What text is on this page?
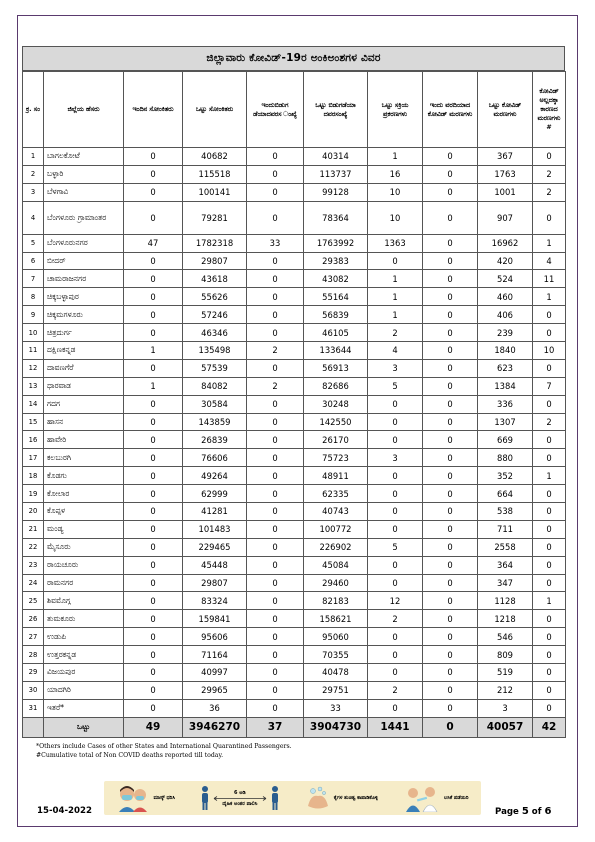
ಜಿಲ್ಲಾವಾರು ಕೋವಿಡ್-19ರ ಅಂಕಿಅಂಶಗಳ ವಿವರ
ಕ್ರ. ಸಂ	ಜಿಲ್ಲೆಯ ಹೆಸರು	ಇಂದಿನ ಸೋಂಕಿತರು	ಒಟ್ಟು ಸೋಂಕಿತರು	ಇಂದುಬಿಡುಗ ಡೆಯಾದವರಸ ಂಖ್ಯೆ	ಒಟ್ಟು ಬಿಡುಗಡೆಯಾ ದವರಸಂಖ್ಯೆ	ಒಟ್ಟು ಸಕ್ರಿಯ ಪ್ರಕರಣಗಳು	ಇಂದು ವರದಿಯಾದ ಕೋವಿಡ್ ಮರಣಗಳು	ಒಟ್ಟು ಕೋವಿಡ್ ಮರಣಗಳು	ಕೋವಿಡ್ ಅಲ್ಲದಕ್ಕಾ ಕಾರಣದ ಮರಣಗಳು #
1	ಬಾಗಲಕೋಟೆ	0	40682	0	40314	1	0	367	0
2	ಬಳ್ಳಾರಿ	0	115518	0	113737	16	0	1763	2
3	ಬೆಳಗಾವಿ	0	100141	0	99128	10	0	1001	2
4	ಬೆಂಗಳೂರು ಗ್ರಾಮಾಂತರ	0	79281	0	78364	10	0	907	0
5	ಬೆಂಗಳೂರುನಗರ	47	1782318	33	1763992	1363	0	16962	1
6	ಬೀದರ್	0	29807	0	29383	0	0	420	4
7	ಚಾಮರಾಜನಗರ	0	43618	0	43082	1	0	524	11
8	ಚಿಕ್ಕಬಳ್ಳಾಪುರ	0	55626	0	55164	1	0	460	1
9	ಚಿಕ್ಕಮಗಳೂರು	0	57246	0	56839	1	0	406	0
10	ಚಿತ್ರದುರ್ಗ	0	46346	0	46105	2	0	239	0
11	ದಕ್ಷಿಣಕನ್ನಡ	1	135498	2	133644	4	0	1840	10
12	ದಾವಣಗೆರೆ	0	57539	0	56913	3	0	623	0
13	ಧಾರವಾಡ	1	84082	2	82686	5	0	1384	7
14	ಗದಗ	0	30584	0	30248	0	0	336	0
15	ಹಾಸನ	0	143859	0	142550	0	0	1307	2
16	ಹಾವೇರಿ	0	26839	0	26170	0	0	669	0
17	ಕಲಬುರಗಿ	0	76606	0	75723	3	0	880	0
18	ಕೊಡಗು	0	49264	0	48911	0	0	352	1
19	ಕೋಲಾರ	0	62999	0	62335	0	0	664	0
20	ಕೊಪ್ಪಳ	0	41281	0	40743	0	0	538	0
21	ಮಂಡ್ಯ	0	101483	0	100772	0	0	711	0
22	ಮೈಸೂರು	0	229465	0	226902	5	0	2558	0
23	ರಾಯಚೂರು	0	45448	0	45084	0	0	364	0
24	ರಾಮನಗರ	0	29807	0	29460	0	0	347	0
25	ಶಿವಮೊಗ್ಗ	0	83324	0	82183	12	0	1128	1
26	ತುಮಕೂರು	0	159841	0	158621	2	0	1218	0
27	ಉಡುಪಿ	0	95606	0	95060	0	0	546	0
28	ಉತ್ತರಕನ್ನಡ	0	71164	0	70355	0	0	809	0
29	ವಿಜಯಪುರ	0	40997	0	40478	0	0	519	0
30	ಯಾದಗಿರಿ	0	29965	0	29751	2	0	212	0
31	ಇತರೆ*	0	36	0	33	0	0	3	0
	ಒಟ್ಟು	49	3946270	37	3904730	1441	0	40057	42
*Others include Cases of other States and International Quarantined Passengers.
#Cumulative total of Non COVID deaths reported till today.
ಮಾಸ್ಕ್ ಧರಿಸಿ
6 ಅಡಿ
ದೈಹಿಕ ಅಂತರ ಪಾಲಿಸಿ
ಕೈಗಳ ಶುಚಿತ್ವ ಕಾಪಾಡಿಕೊಳ್ಳಿ	ಲಸಿಕೆ ಪಡೆಯಿರಿ
15-04-2022	Page 5 of 6
